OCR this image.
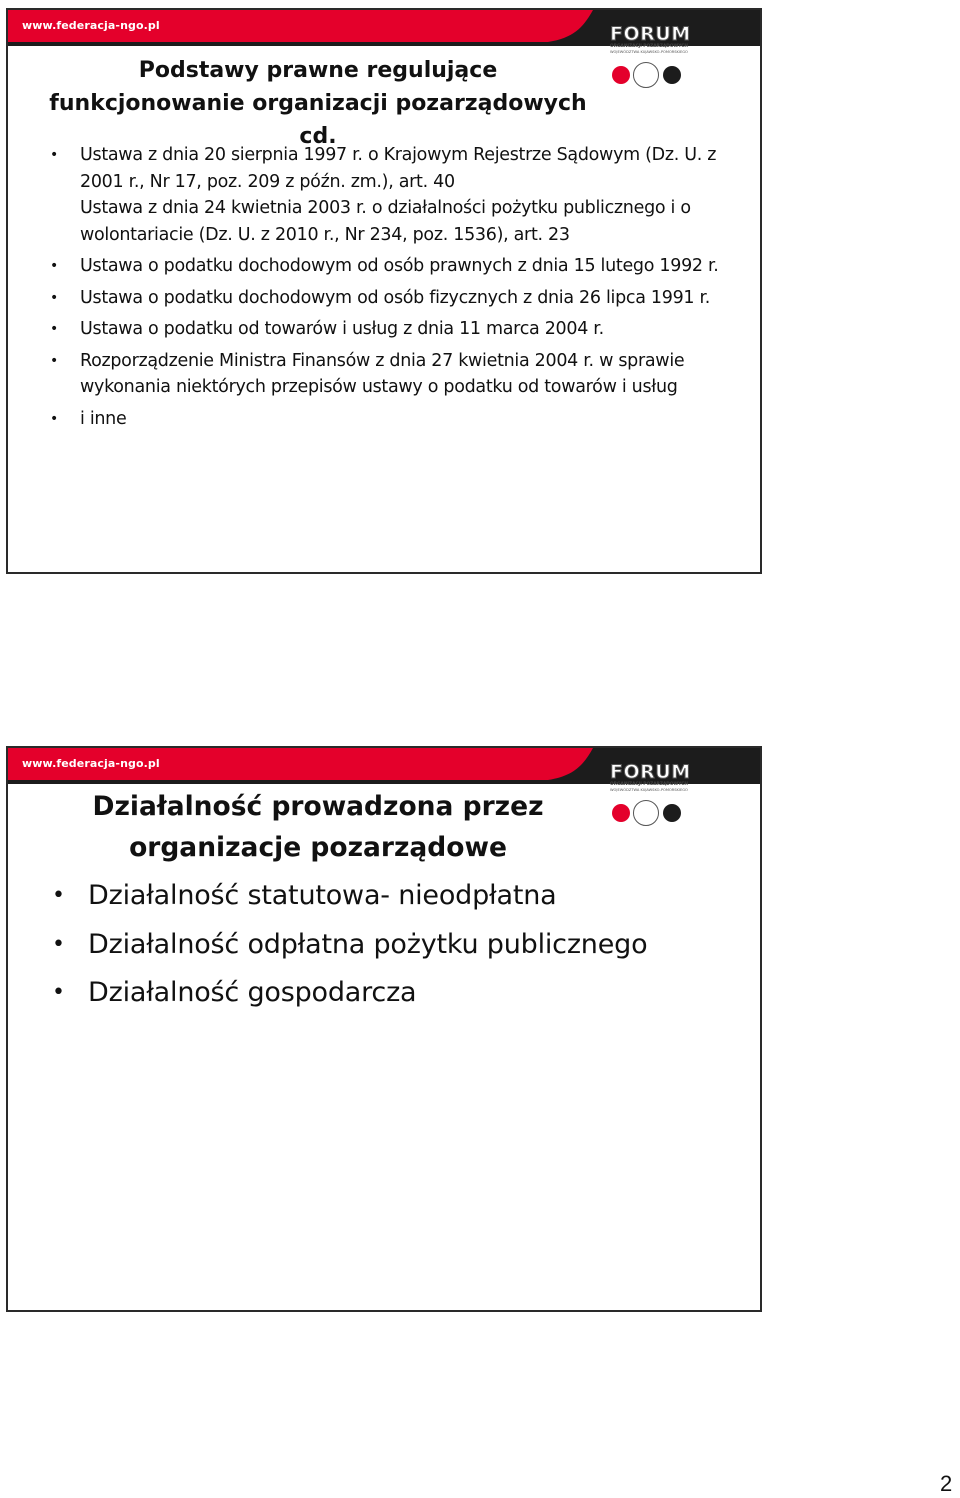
www.federacja-ngo.pl	FORUM
ORGANIZACJI POZARZĄDOWYCH
WOJEWÓDZTWA KUJAWSKO-POMORSKIEGO
Podstawy prawne regulujące funkcjonowanie organizacji pozarządowych cd.
• Ustawa z dnia 20 sierpnia 1997 r. o Krajowym Rejestrze Sądowym (Dz. U. z 2001 r., Nr 17, poz. 209 z późn. zm.), art. 40
Ustawa z dnia 24 kwietnia 2003 r. o działalności pożytku publicznego i o wolontariacie (Dz. U. z 2010 r., Nr 234, poz. 1536), art. 23
• Ustawa o podatku dochodowym od osób prawnych z dnia 15 lutego 1992 r.
• Ustawa o podatku dochodowym od osób fizycznych z dnia 26 lipca 1991 r.
• Ustawa o podatku od towarów i usług z dnia 11 marca 2004 r.
• Rozporządzenie Ministra Finansów z dnia 27 kwietnia 2004 r. w sprawie wykonania niektórych przepisów ustawy o podatku od towarów i usług
• i inne
www.federacja-ngo.pl	FORUM
ORGANIZACJI POZARZĄDOWYCH
WOJEWÓDZTWA KUJAWSKO-POMORSKIEGO
Działalność prowadzona przez organizacje pozarządowe
• Działalność statutowa- nieodpłatna
• Działalność odpłatna pożytku publicznego
• Działalność gospodarcza
2
